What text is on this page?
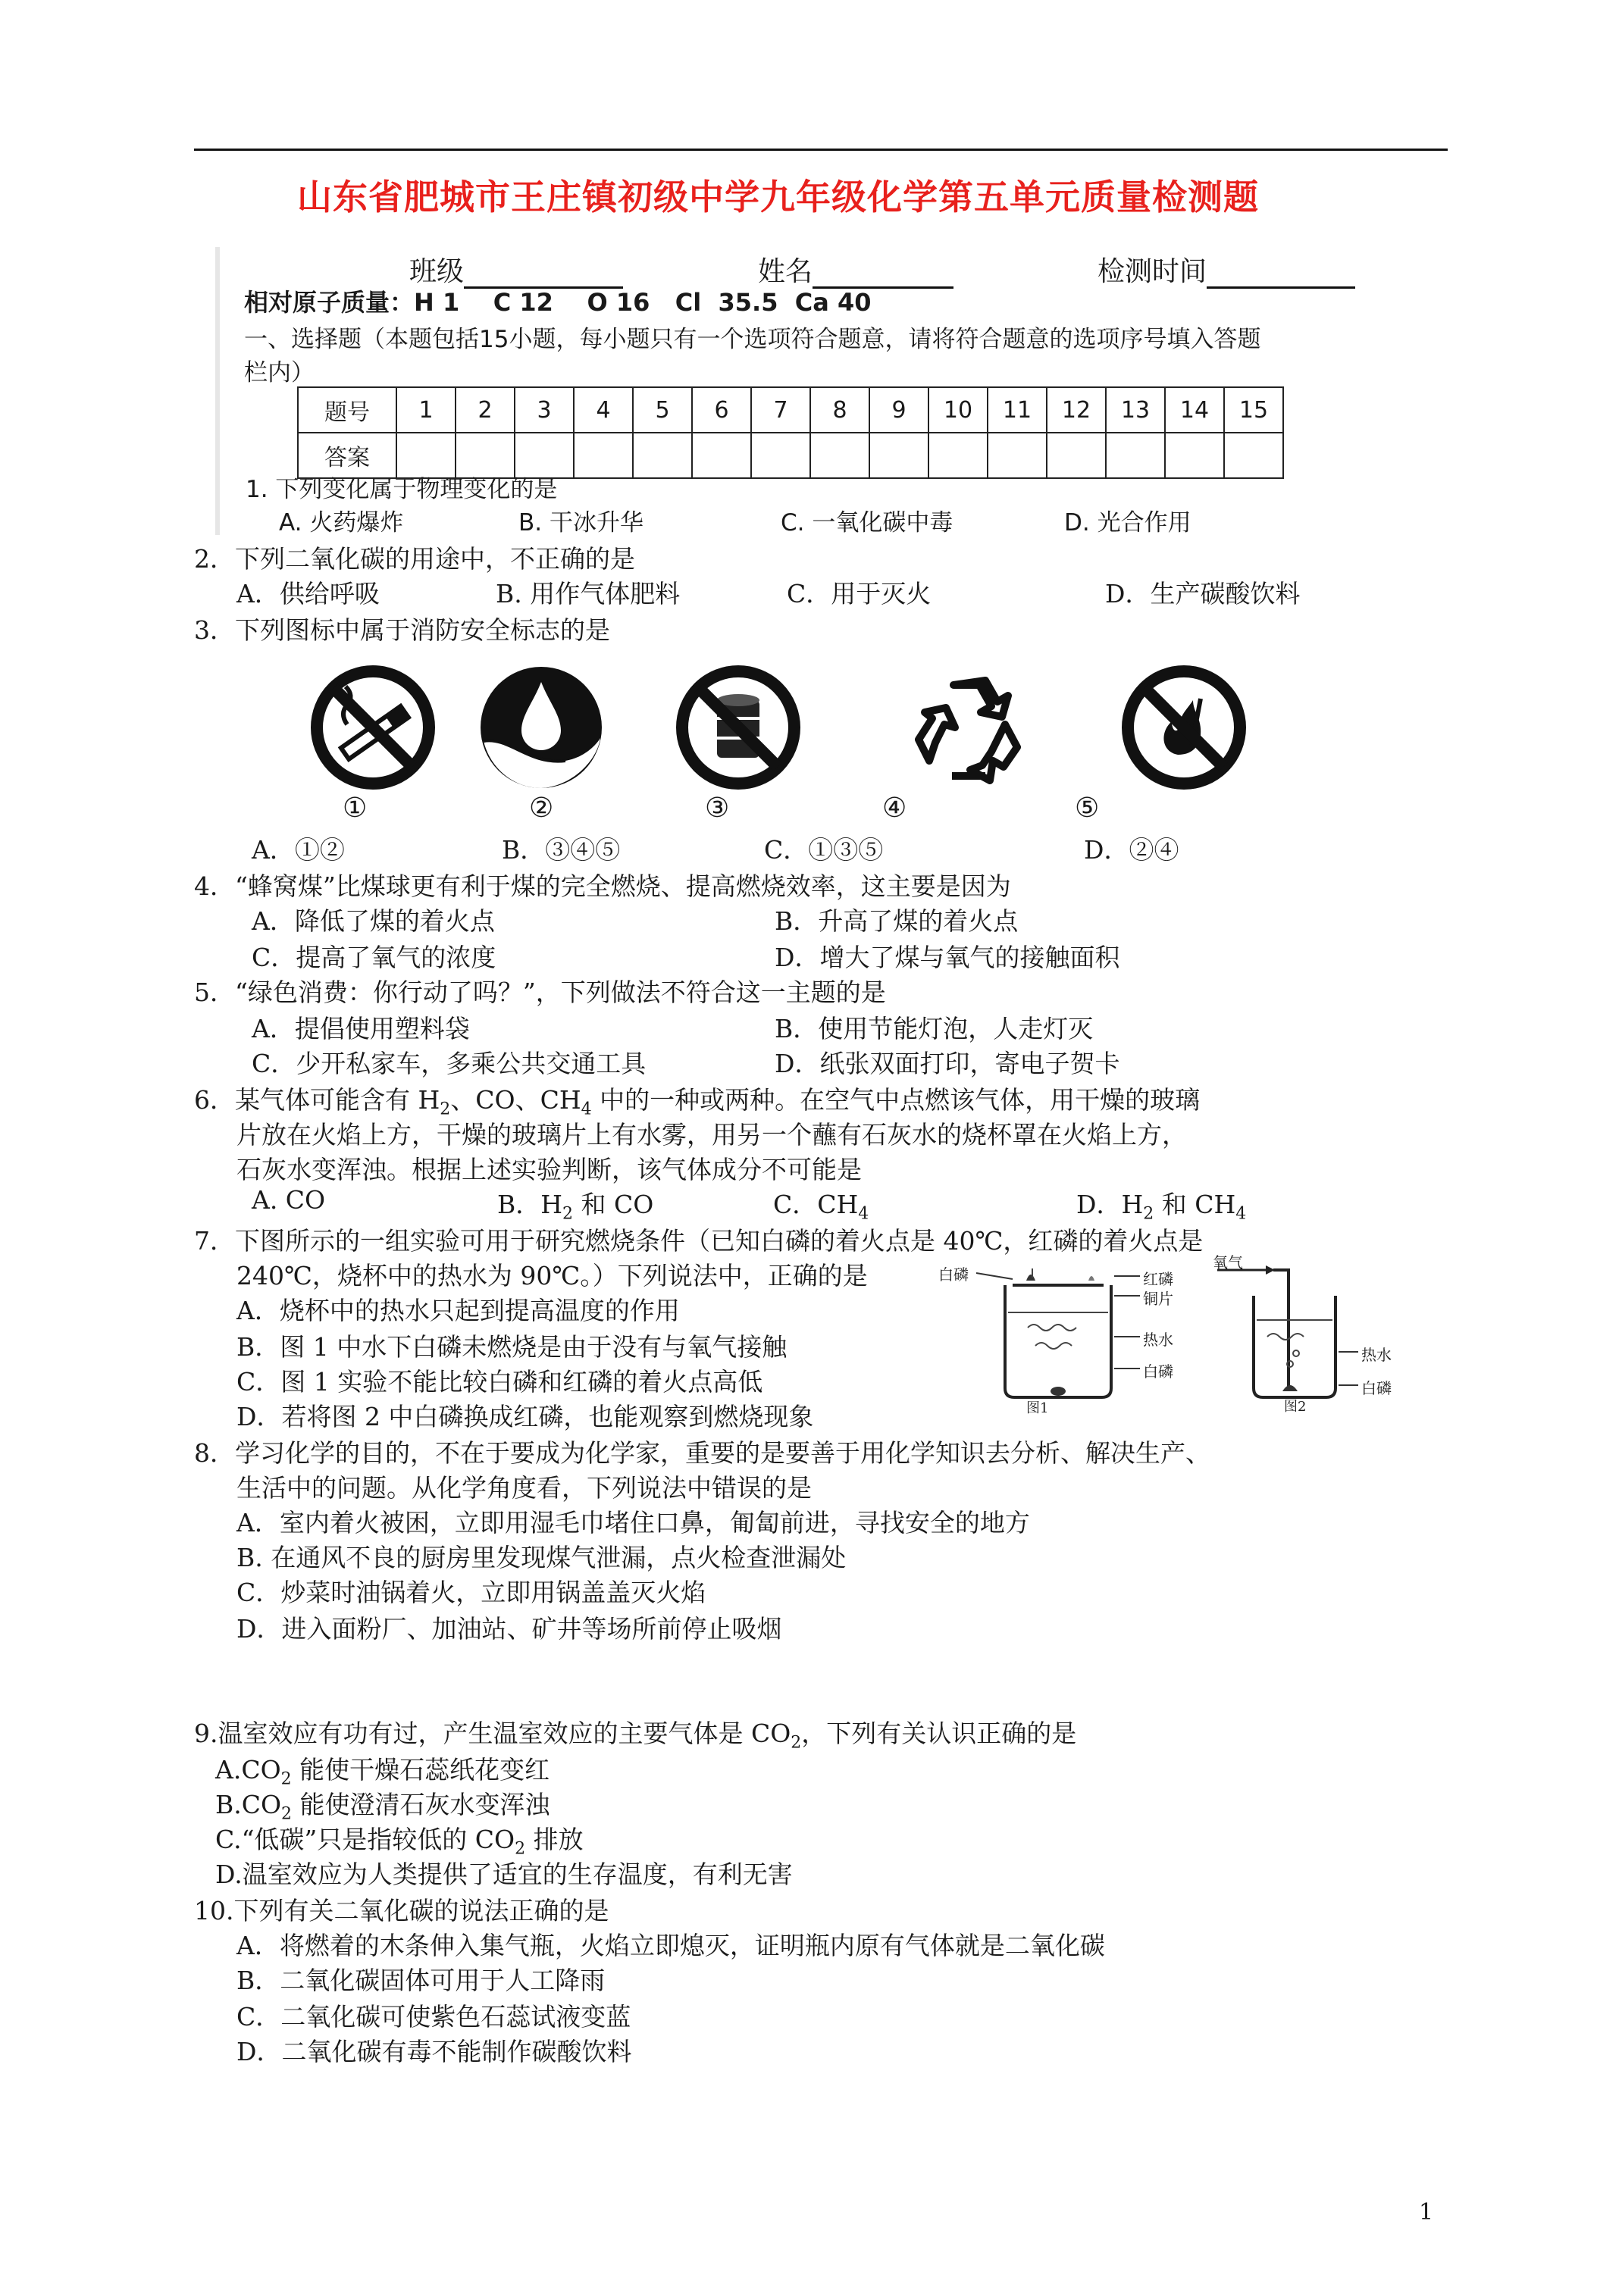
山东省肥城市王庄镇初级中学九年级化学第五单元质量检测题
班级	姓名	检测时间
相对原子质量：H 1    C 12    O 16   Cl  35.5  Ca 40
一、选择题（本题包括15小题，每小题只有一个选项符合题意，请将符合题意的选项序号填入答题
栏内）
题号	1	2	3	4	5	6	7	8	9	10	11	12	13	14	15
答案															
1. 下列变化属于物理变化的是
A. 火药爆炸	B. 干冰升华	C. 一氧化碳中毒	D. 光合作用
2．下列二氧化碳的用途中，不正确的是
A．供给呼吸	B. 用作气体肥料	C．用于灭火	D．生产碳酸饮料
3．下列图标中属于消防安全标志的是
①	②	③	④	⑤
A．①②	B．③④⑤	C．①③⑤	D．②④
4．“蜂窝煤”比煤球更有利于煤的完全燃烧、提高燃烧效率，这主要是因为
A．降低了煤的着火点	B．升高了煤的着火点
C．提高了氧气的浓度	D．增大了煤与氧气的接触面积
5．“绿色消费：你行动了吗？”，下列做法不符合这一主题的是
A．提倡使用塑料袋	B．使用节能灯泡，人走灯灭
C．少开私家车，多乘公共交通工具	D．纸张双面打印，寄电子贺卡
6．某气体可能含有 $H_2$、CO、$CH_4$ 中的一种或两种。在空气中点燃该气体，用干燥的玻璃
片放在火焰上方，干燥的玻璃片上有水雾，用另一个蘸有石灰水的烧杯罩在火焰上方，
石灰水变浑浊。根据上述实验判断，该气体成分不可能是
A. CO	B．$H_2$ 和 CO	C．$CH_4$	D．$H_2$ 和 $CH_4$
7．下图所示的一组实验可用于研究燃烧条件（已知白磷的着火点是 40℃，红磷的着火点是
240℃，烧杯中的热水为 90℃。）下列说法中，正确的是
A．烧杯中的热水只起到提高温度的作用
B．图 1 中水下白磷未燃烧是由于没有与氧气接触
C．图 1 实验不能比较白磷和红磷的着火点高低
D．若将图 2 中白磷换成红磷，也能观察到燃烧现象
白磷	红磷
铜片
热水
白磷
图1
氧气
热水
白磷
图2
8．学习化学的目的，不在于要成为化学家，重要的是要善于用化学知识去分析、解决生产、
生活中的问题。从化学角度看，下列说法中错误的是
A．室内着火被困，立即用湿毛巾堵住口鼻，匍匐前进，寻找安全的地方
B. 在通风不良的厨房里发现煤气泄漏，点火检查泄漏处
C．炒菜时油锅着火，立即用锅盖盖灭火焰
D．进入面粉厂、加油站、矿井等场所前停止吸烟
9.温室效应有功有过，产生温室效应的主要气体是 $CO_2$，下列有关认识正确的是
$A.CO_2$ 能使干燥石蕊纸花变红
$B.CO_2$ 能使澄清石灰水变浑浊
C.“低碳”只是指较低的 $CO_2$ 排放
D.温室效应为人类提供了适宜的生存温度，有利无害
10.下列有关二氧化碳的说法正确的是
A．将燃着的木条伸入集气瓶，火焰立即熄灭，证明瓶内原有气体就是二氧化碳
B．二氧化碳固体可用于人工降雨
C．二氧化碳可使紫色石蕊试液变蓝
D．二氧化碳有毒不能制作碳酸饮料
1
